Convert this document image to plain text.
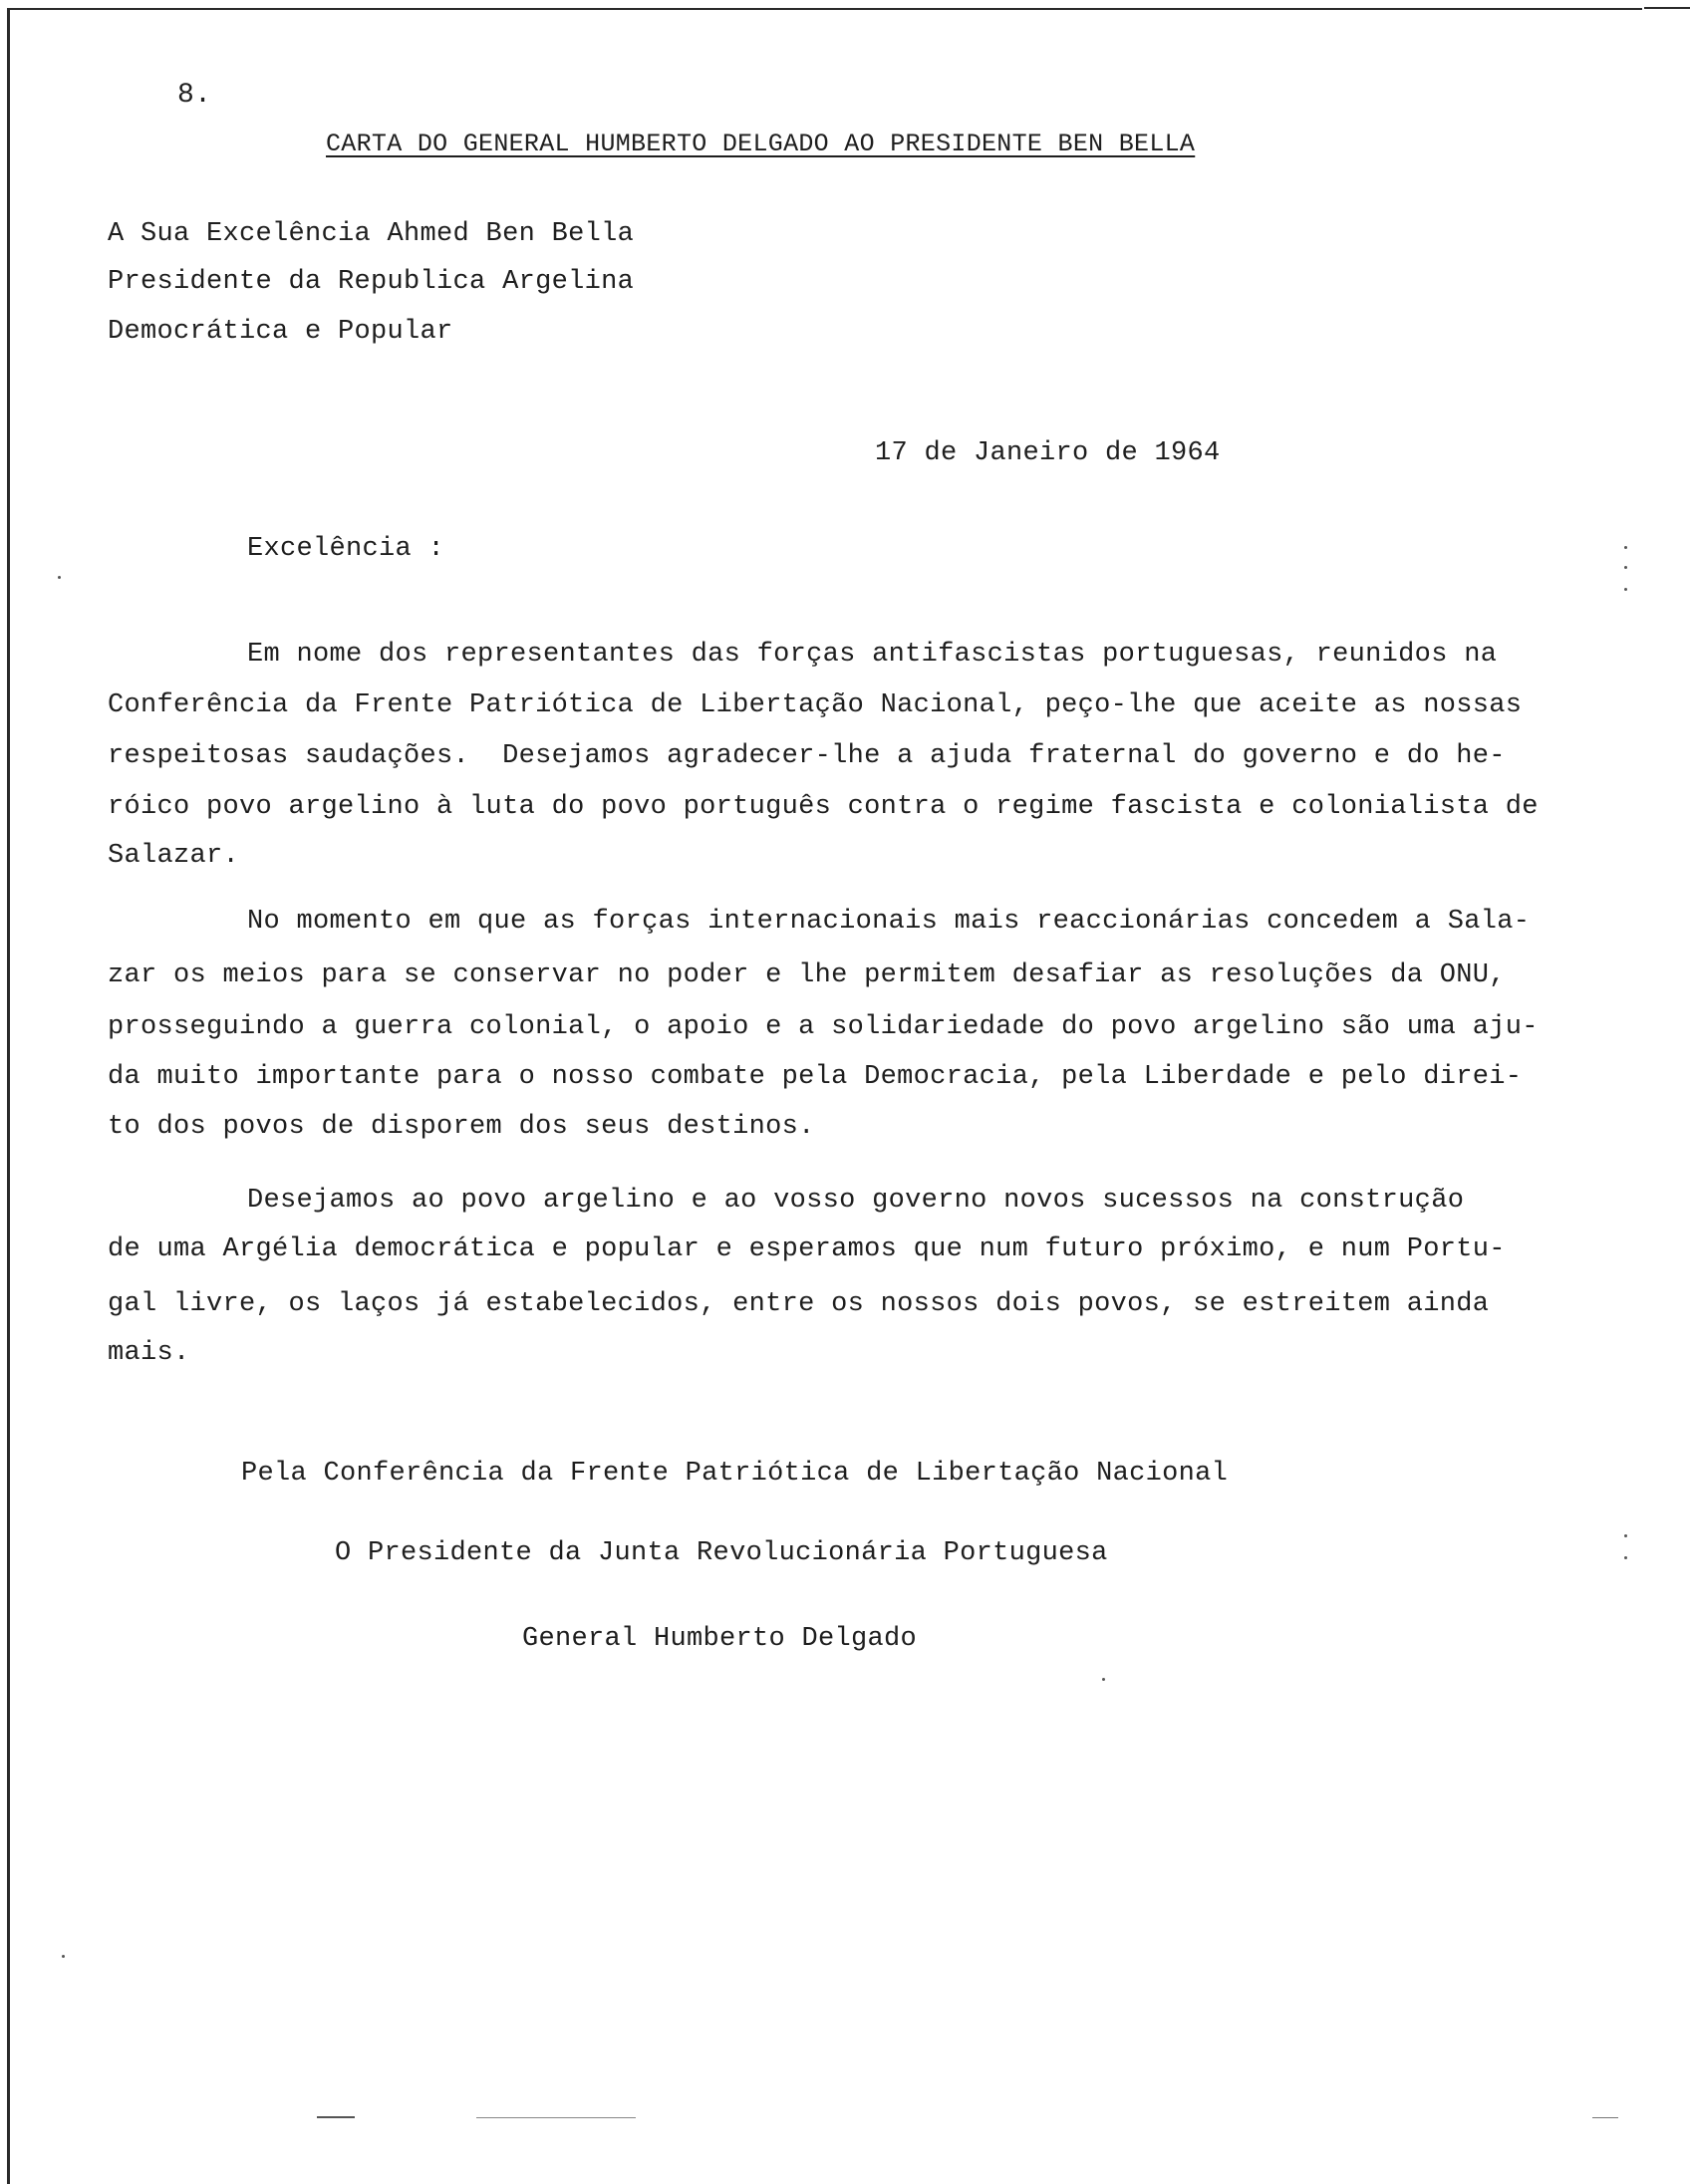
8.
CARTA DO GENERAL HUMBERTO DELGADO AO PRESIDENTE BEN BELLA
A Sua Excelência Ahmed Ben Bella
Presidente da Republica Argelina
Democrática e Popular
17 de Janeiro de 1964
Excelência :
Em nome dos representantes das forças antifascistas portuguesas, reunidos na
Conferência da Frente Patriótica de Libertação Nacional, peço-lhe que aceite as nossas
respeitosas saudações.  Desejamos agradecer-lhe a ajuda fraternal do governo e do he-
róico povo argelino à luta do povo português contra o regime fascista e colonialista de
Salazar.
No momento em que as forças internacionais mais reaccionárias concedem a Sala-
zar os meios para se conservar no poder e lhe permitem desafiar as resoluções da ONU,
prosseguindo a guerra colonial, o apoio e a solidariedade do povo argelino são uma aju-
da muito importante para o nosso combate pela Democracia, pela Liberdade e pelo direi-
to dos povos de disporem dos seus destinos.
Desejamos ao povo argelino e ao vosso governo novos sucessos na construção
de uma Argélia democrática e popular e esperamos que num futuro próximo, e num Portu-
gal livre, os laços já estabelecidos, entre os nossos dois povos, se estreitem ainda
mais.
Pela Conferência da Frente Patriótica de Libertação Nacional
O Presidente da Junta Revolucionária Portuguesa
General Humberto Delgado
